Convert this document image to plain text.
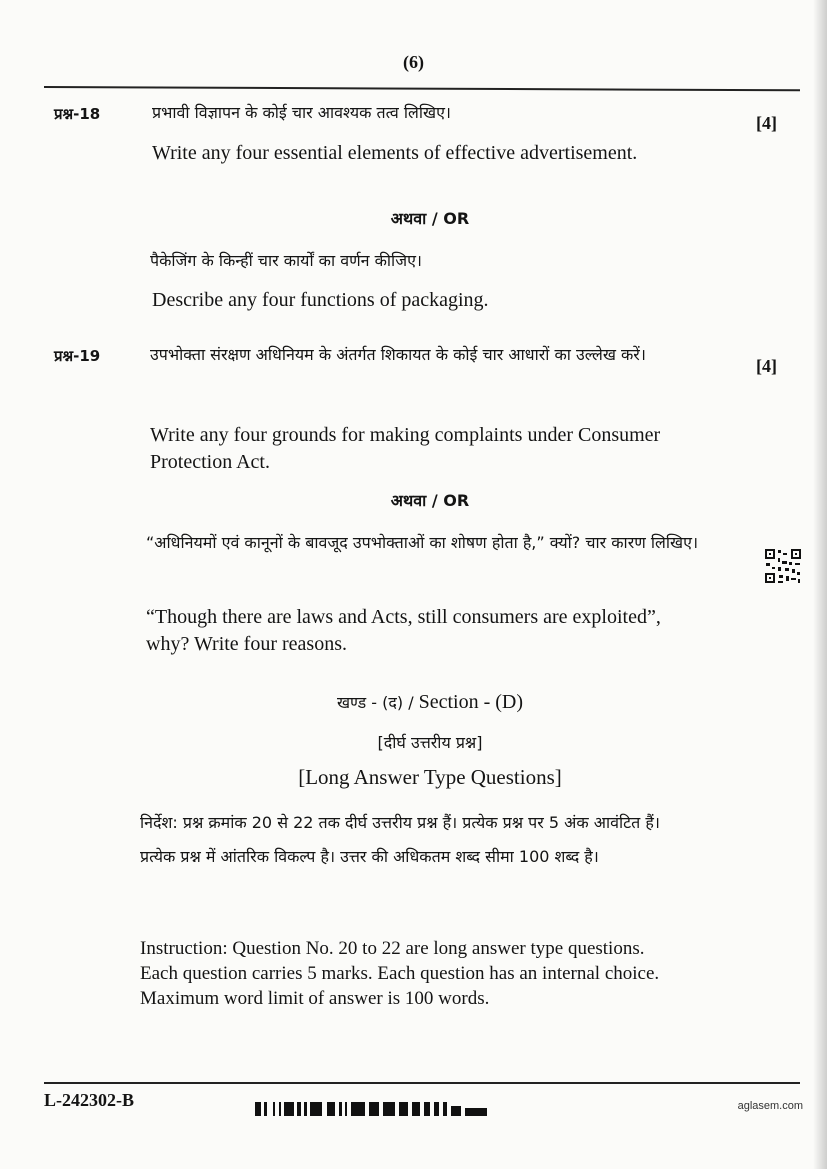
(6)
प्रश्न-18	[4]
प्रभावी विज्ञापन के कोई चार आवश्यक तत्व लिखिए।
Write any four essential elements of effective advertisement.
अथवा / OR
पैकेजिंग के किन्हीं चार कार्यों का वर्णन कीजिए।
Describe any four functions of packaging.
प्रश्न-19	[4]
उपभोक्ता संरक्षण अधिनियम के अंतर्गत शिकायत के कोई चार आधारों का उल्लेख करें।
Write any four grounds for making complaints under Consumer Protection Act.
अथवा / OR
“अधिनियमों एवं कानूनों के बावजूद उपभोक्ताओं का शोषण होता है,” क्यों? चार कारण लिखिए।
“Though there are laws and Acts, still consumers are exploited”, why? Write four reasons.
खण्ड - (द) / Section - (D)
[दीर्घ उत्तरीय प्रश्न]
[Long Answer Type Questions]
निर्देश: प्रश्न क्रमांक 20 से 22 तक दीर्घ उत्तरीय प्रश्न हैं। प्रत्येक प्रश्न पर 5 अंक आवंटित हैं। प्रत्येक प्रश्न में आंतरिक विकल्प है। उत्तर की अधिकतम शब्द सीमा 100 शब्द है।
Instruction: Question No. 20 to 22 are long answer type questions. Each question carries 5 marks. Each question has an internal choice. Maximum word limit of answer is 100 words.
L-242302-B	aglasem.com
